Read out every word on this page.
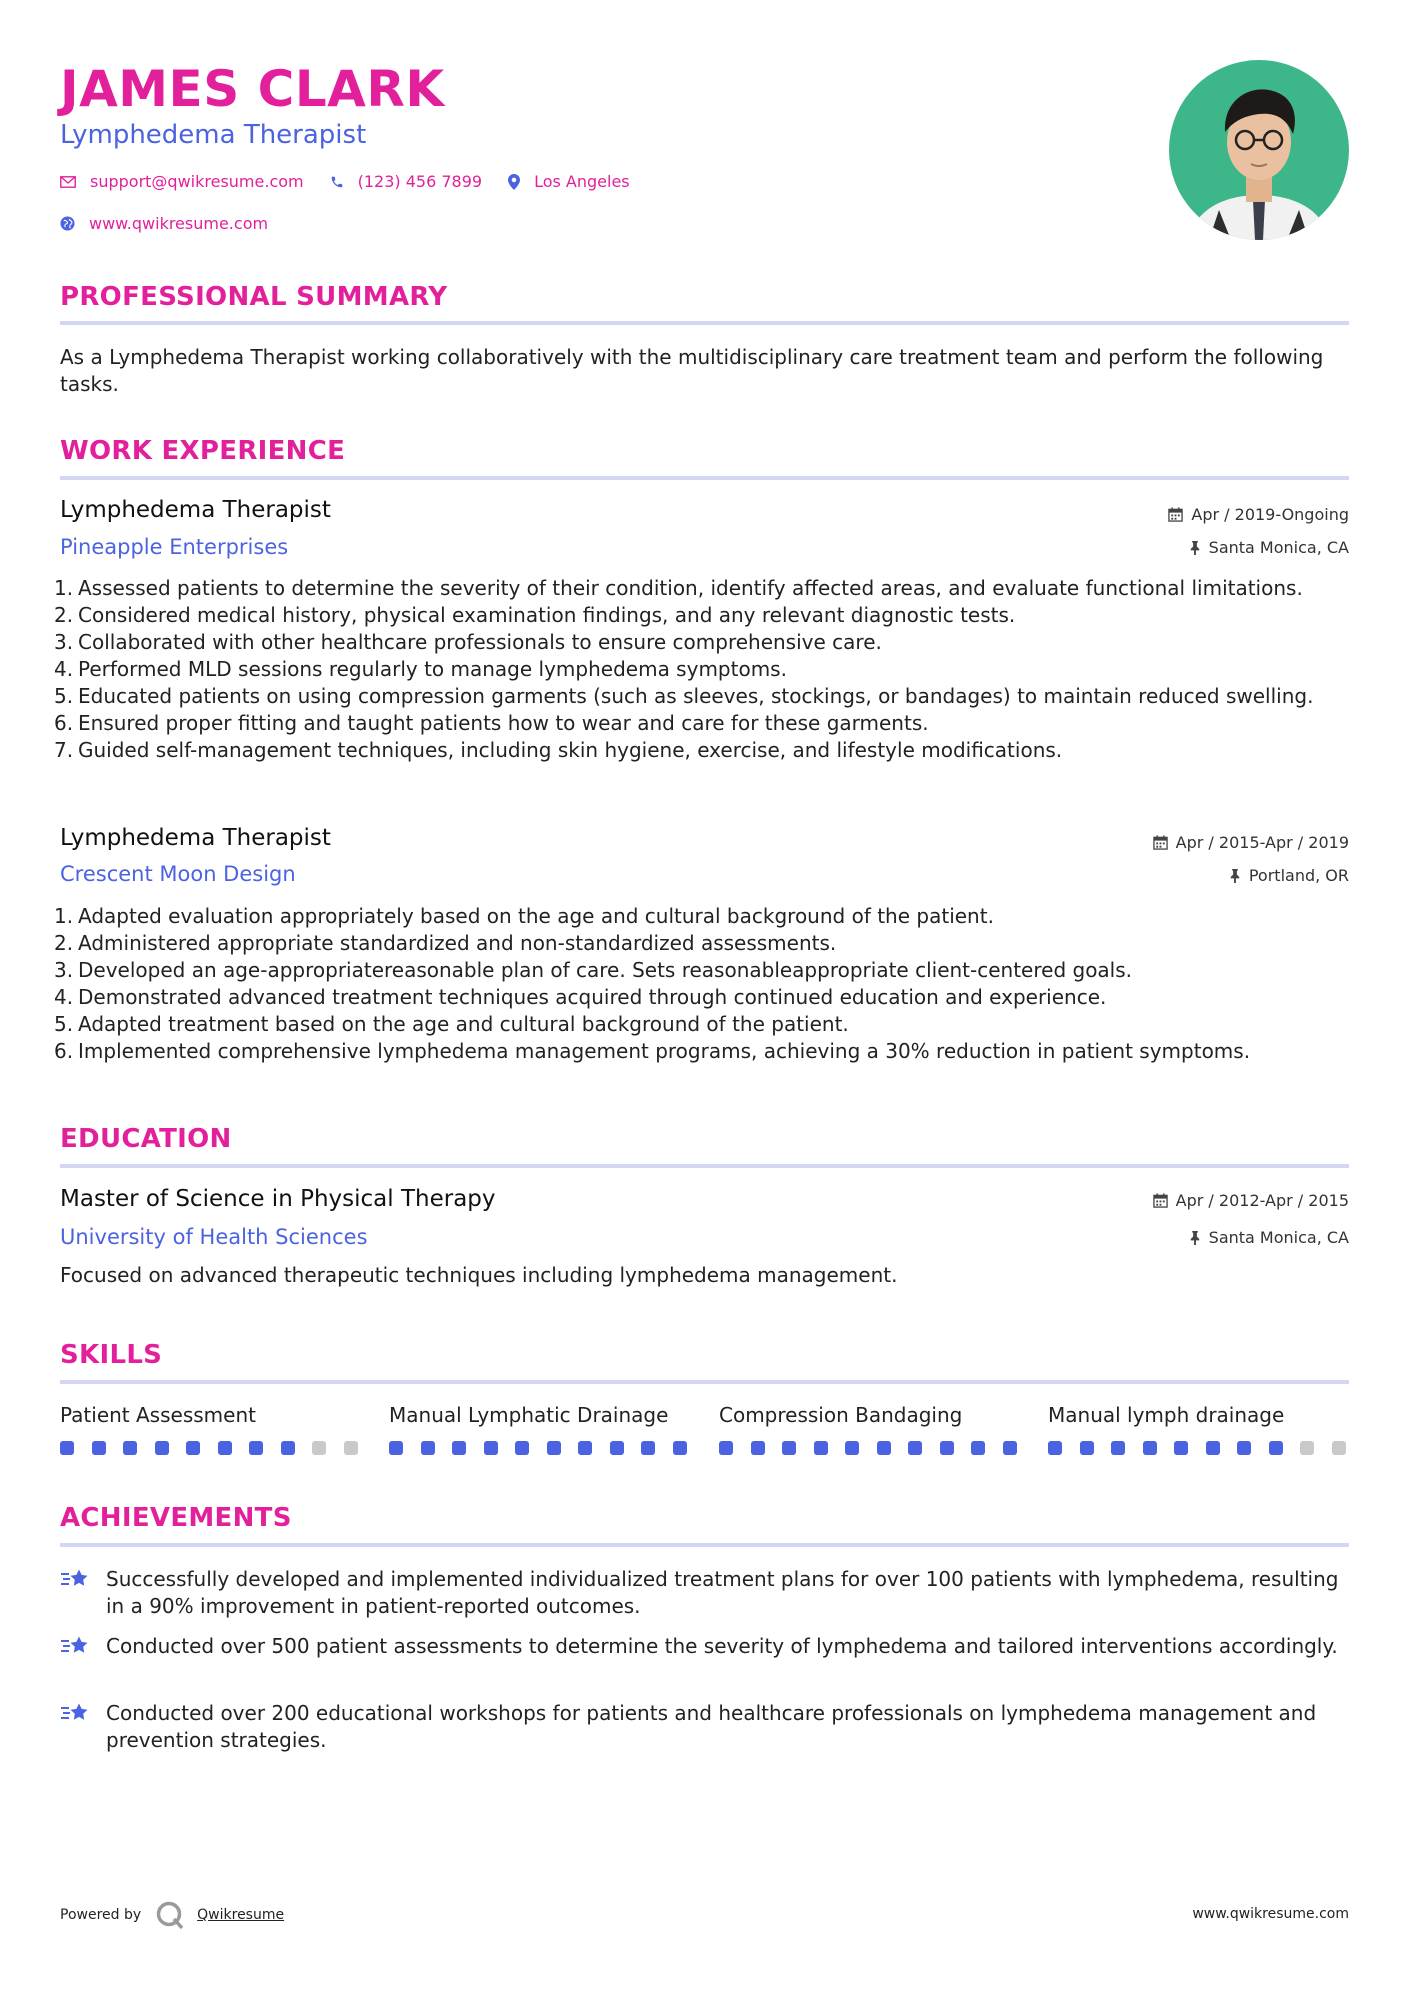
JAMES CLARK
Lymphedema Therapist
support@qwikresume.com	(123) 456 7899	Los Angeles
www.qwikresume.com
PROFESSIONAL SUMMARY
As a Lymphedema Therapist working collaboratively with the multidisciplinary care treatment team and perform the following tasks.
WORK EXPERIENCE
Lymphedema Therapist
Pineapple Enterprises
Apr / 2019-Ongoing
Santa Monica, CA
Assessed patients to determine the severity of their condition, identify affected areas, and evaluate functional limitations.
Considered medical history, physical examination findings, and any relevant diagnostic tests.
Collaborated with other healthcare professionals to ensure comprehensive care.
Performed MLD sessions regularly to manage lymphedema symptoms.
Educated patients on using compression garments (such as sleeves, stockings, or bandages) to maintain reduced swelling.
Ensured proper fitting and taught patients how to wear and care for these garments.
Guided self-management techniques, including skin hygiene, exercise, and lifestyle modifications.
Lymphedema Therapist
Crescent Moon Design
Apr / 2015-Apr / 2019
Portland, OR
Adapted evaluation appropriately based on the age and cultural background of the patient.
Administered appropriate standardized and non-standardized assessments.
Developed an age-appropriatereasonable plan of care. Sets reasonableappropriate client-centered goals.
Demonstrated advanced treatment techniques acquired through continued education and experience.
Adapted treatment based on the age and cultural background of the patient.
Implemented comprehensive lymphedema management programs, achieving a 30% reduction in patient symptoms.
EDUCATION
Master of Science in Physical Therapy
University of Health Sciences
Apr / 2012-Apr / 2015
Santa Monica, CA
Focused on advanced therapeutic techniques including lymphedema management.
SKILLS
Patient Assessment	Manual Lymphatic Drainage	Compression Bandaging	Manual lymph drainage
ACHIEVEMENTS
Successfully developed and implemented individualized treatment plans for over 100 patients with lymphedema, resulting in a 90% improvement in patient-reported outcomes.
Conducted over 500 patient assessments to determine the severity of lymphedema and tailored interventions accordingly.
Conducted over 200 educational workshops for patients and healthcare professionals on lymphedema management and prevention strategies.
Powered by	Qwikresume	www.qwikresume.com
